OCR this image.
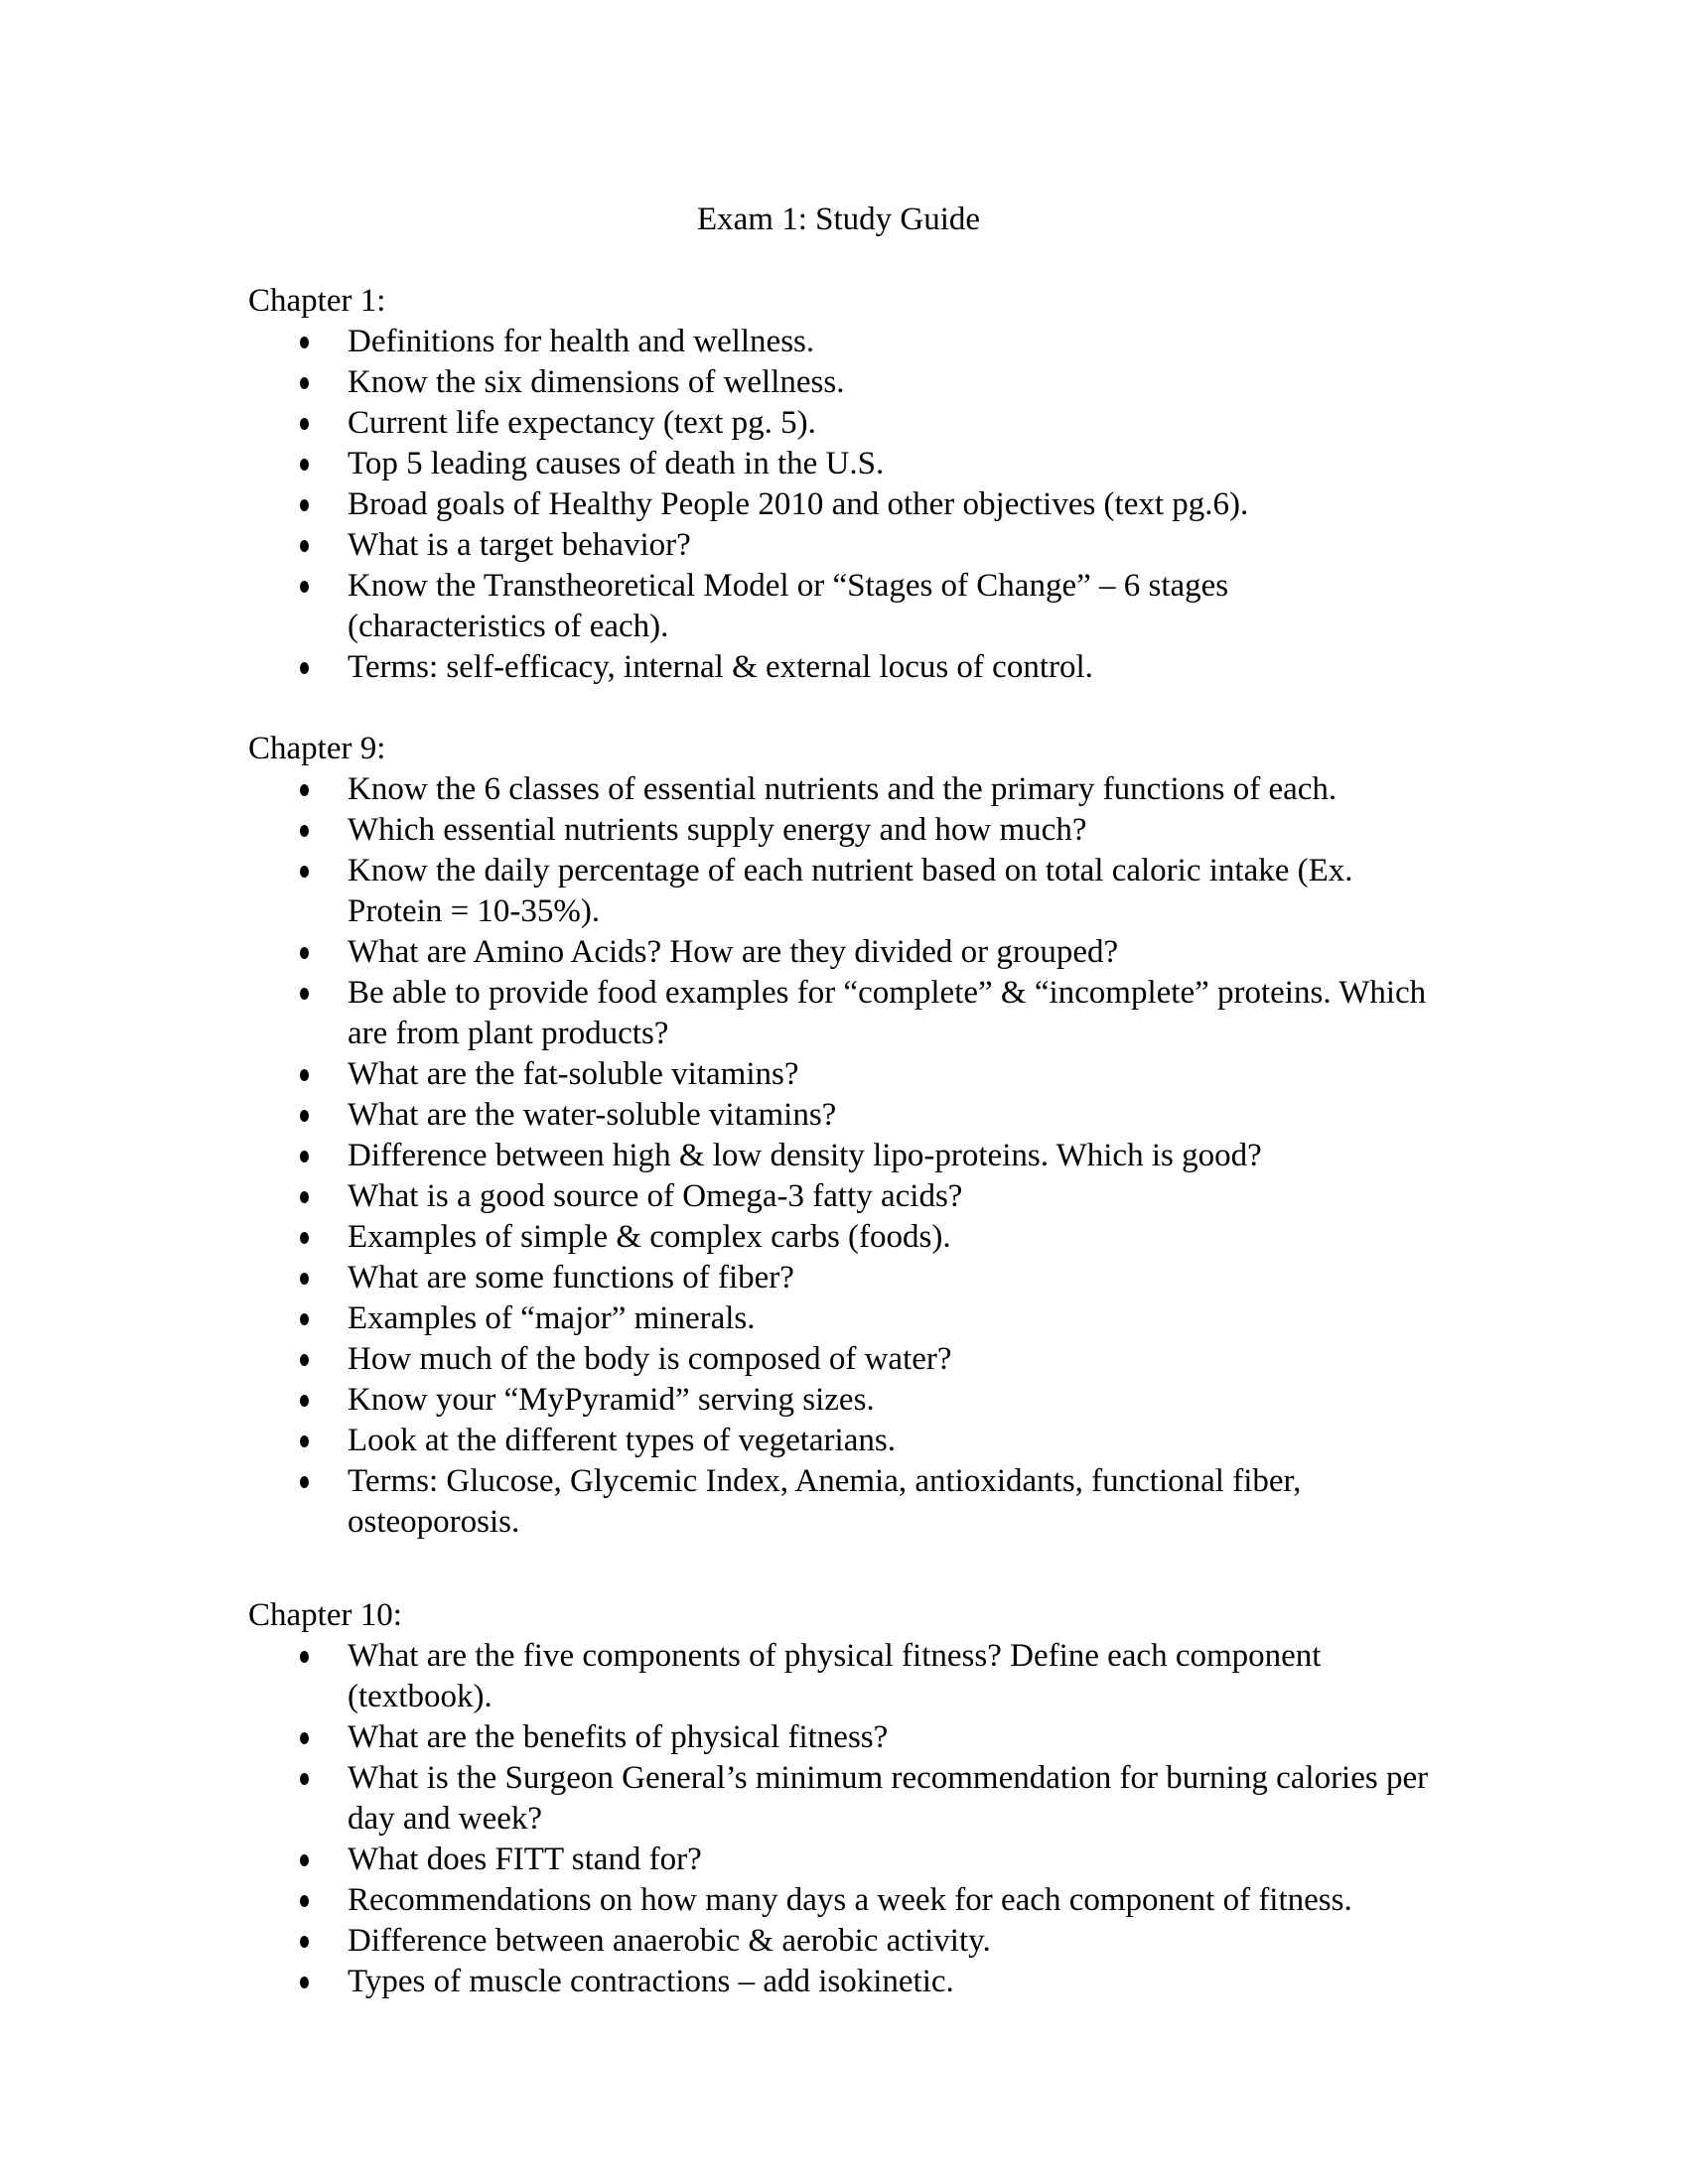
Exam 1: Study Guide
Chapter 1:
Definitions for health and wellness.
Know the six dimensions of wellness.
Current life expectancy (text pg. 5).
Top 5 leading causes of death in the U.S.
Broad goals of Healthy People 2010 and other objectives (text pg.6).
What is a target behavior?
Know the Transtheoretical Model or “Stages of Change” – 6 stages (characteristics of each).
Terms: self-efficacy, internal & external locus of control.
Chapter 9:
Know the 6 classes of essential nutrients and the primary functions of each.
Which essential nutrients supply energy and how much?
Know the daily percentage of each nutrient based on total caloric intake (Ex. Protein = 10-35%).
What are Amino Acids? How are they divided or grouped?
Be able to provide food examples for “complete” & “incomplete” proteins. Which are from plant products?
What are the fat-soluble vitamins?
What are the water-soluble vitamins?
Difference between high & low density lipo-proteins. Which is good?
What is a good source of Omega-3 fatty acids?
Examples of simple & complex carbs (foods).
What are some functions of fiber?
Examples of “major” minerals.
How much of the body is composed of water?
Know your “MyPyramid” serving sizes.
Look at the different types of vegetarians.
Terms: Glucose, Glycemic Index, Anemia, antioxidants, functional fiber, osteoporosis.
Chapter 10:
What are the five components of physical fitness? Define each component (textbook).
What are the benefits of physical fitness?
What is the Surgeon General’s minimum recommendation for burning calories per day and week?
What does FITT stand for?
Recommendations on how many days a week for each component of fitness.
Difference between anaerobic & aerobic activity.
Types of muscle contractions – add isokinetic.
